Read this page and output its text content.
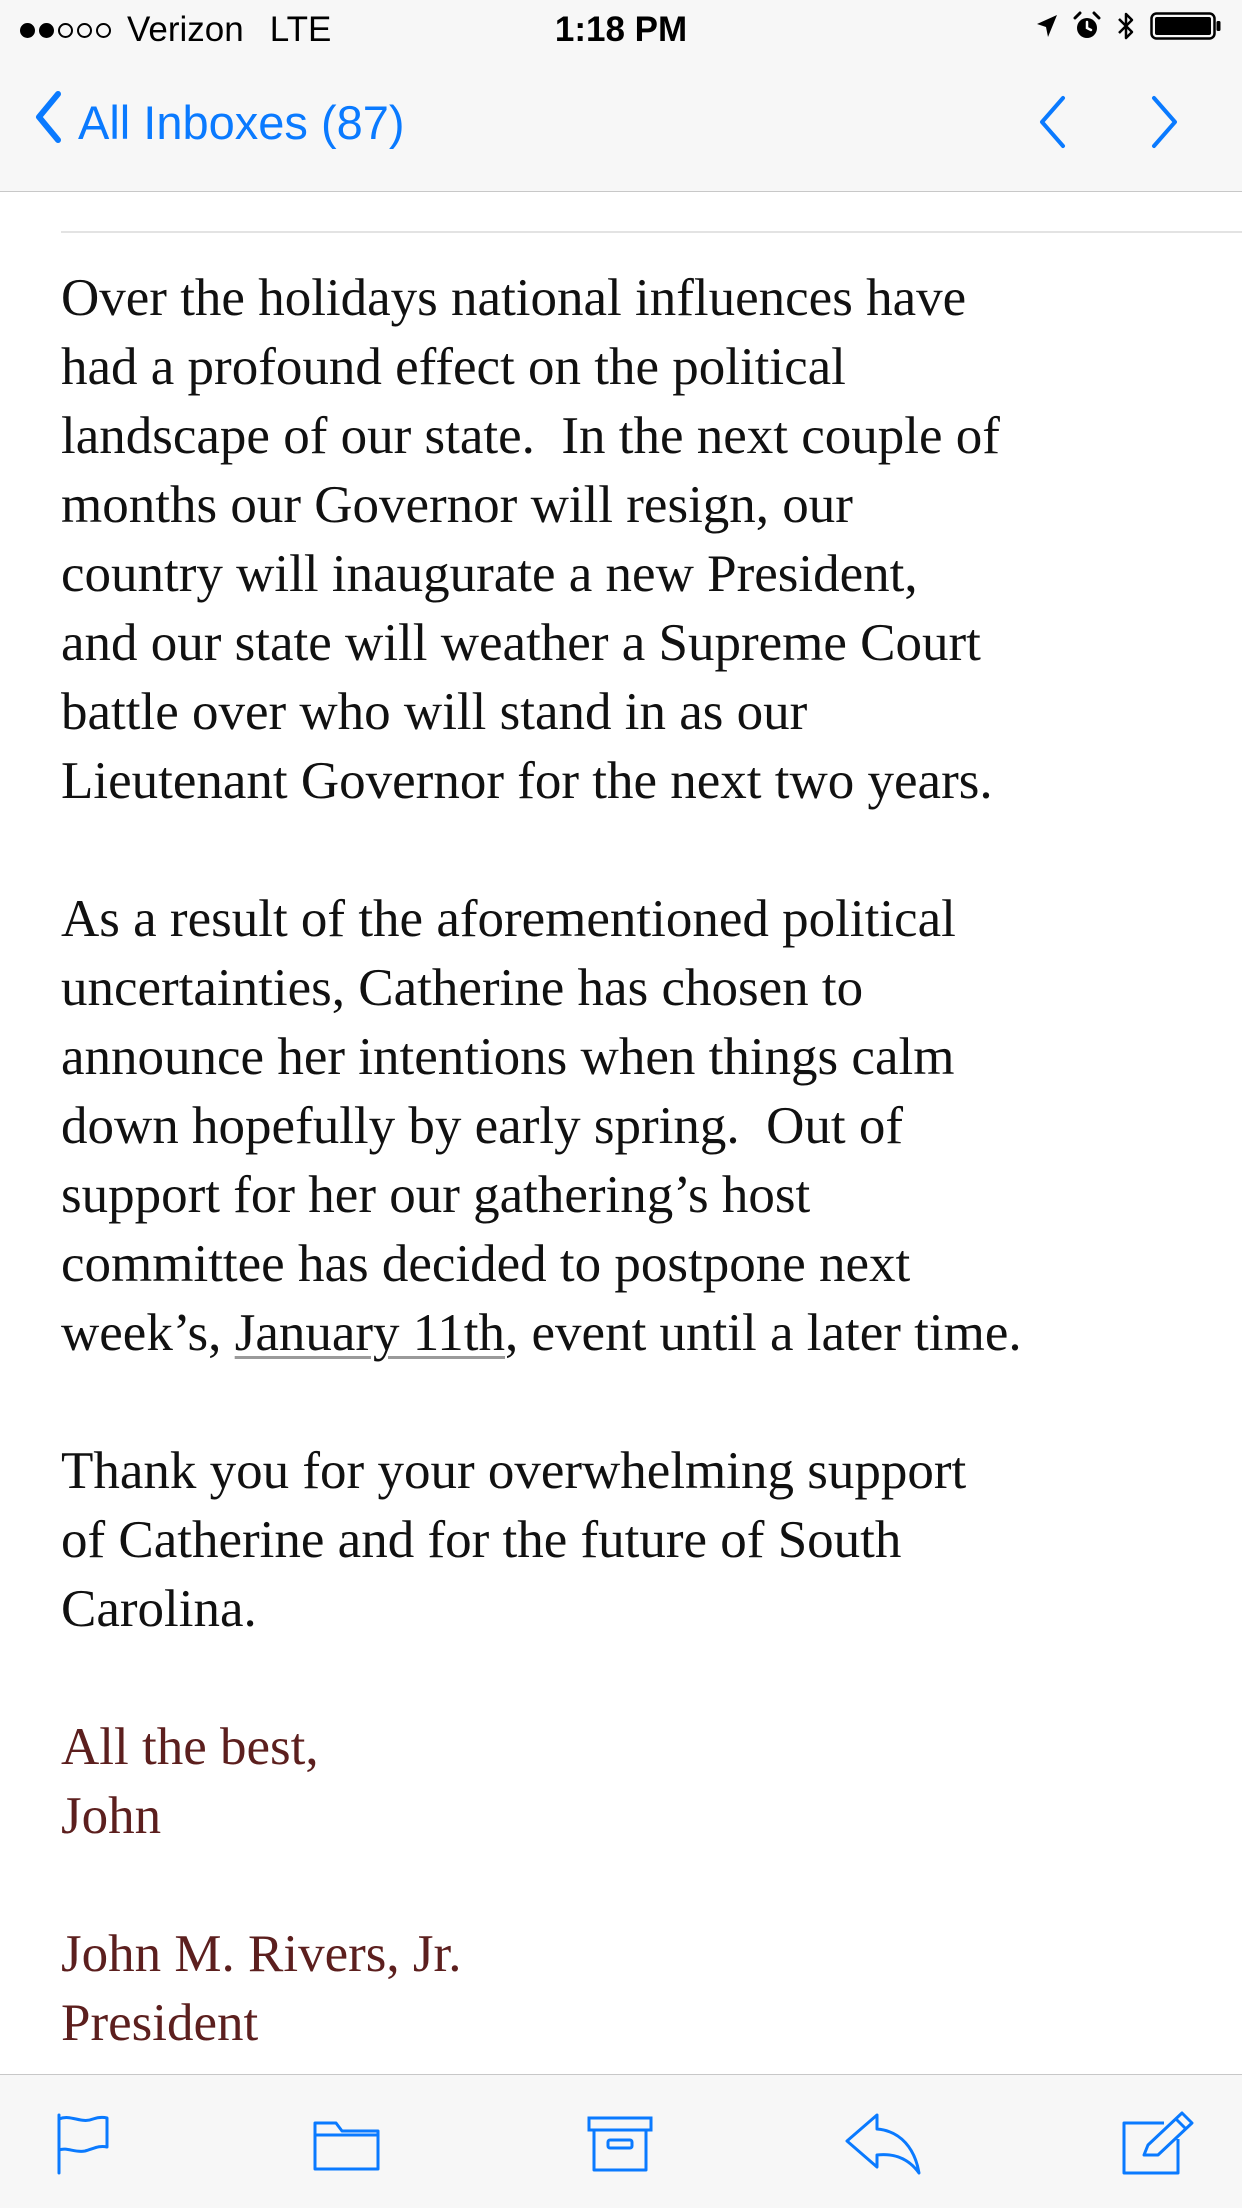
Verizon LTE	1:18 PM
All Inboxes (87)
Over the holidays national influences have
had a profound effect on the political
landscape of our state.  In the next couple of
months our Governor will resign, our
country will inaugurate a new President,
and our state will weather a Supreme Court
battle over who will stand in as our
Lieutenant Governor for the next two years.
As a result of the aforementioned political
uncertainties, Catherine has chosen to
announce her intentions when things calm
down hopefully by early spring.  Out of
support for her our gathering’s host
committee has decided to postpone next
week’s, January 11th, event until a later time.
Thank you for your overwhelming support
of Catherine and for the future of South
Carolina.
All the best,
John
John M. Rivers, Jr.
President
